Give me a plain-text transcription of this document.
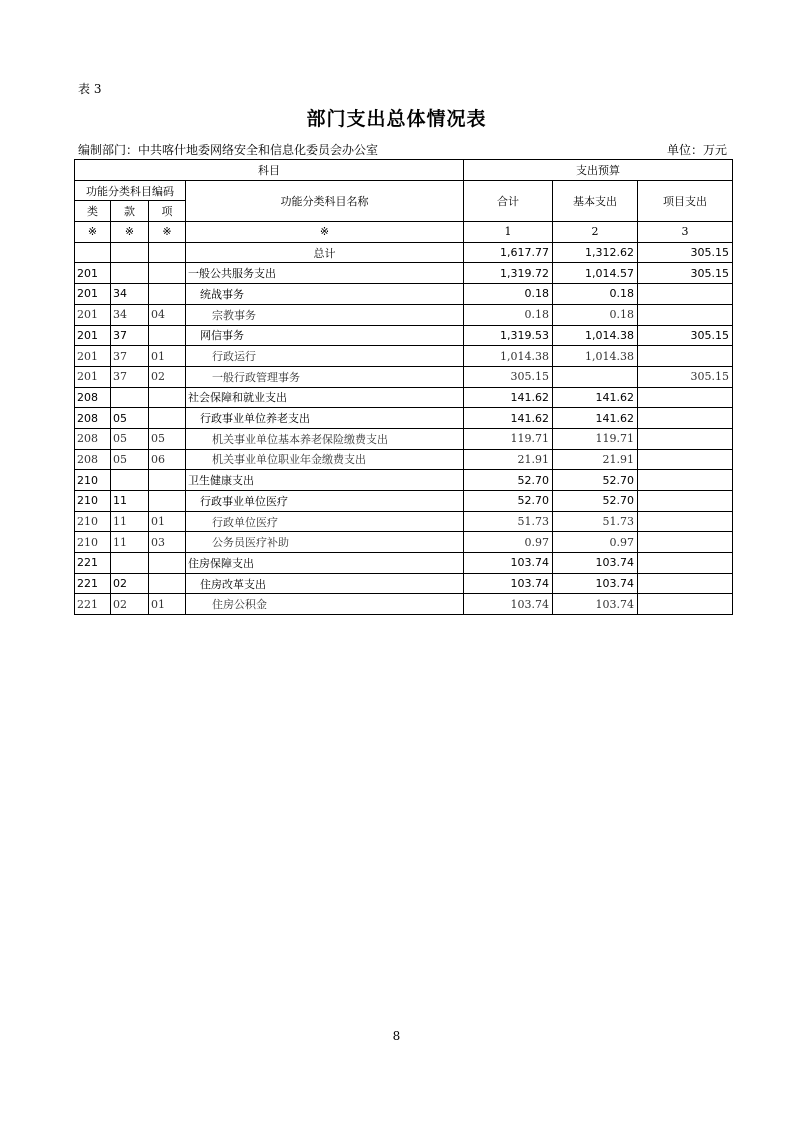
表 3
部门支出总体情况表
编制部门：中共喀什地委网络安全和信息化委员会办公室	单位：万元
科目				支出预算		
功能分类科目编码			功能分类科目名称	合计	基本支出	项目支出
类	款	项				
※	※	※	※	1	2	3
			总计	1,617.77	1,312.62	305.15
201			一般公共服务支出	1,319.72	1,014.57	305.15
201	34		统战事务	0.18	0.18	
201	34	04	宗教事务	0.18	0.18	
201	37		网信事务	1,319.53	1,014.38	305.15
201	37	01	行政运行	1,014.38	1,014.38	
201	37	02	一般行政管理事务	305.15		305.15
208			社会保障和就业支出	141.62	141.62	
208	05		行政事业单位养老支出	141.62	141.62	
208	05	05	机关事业单位基本养老保险缴费支出	119.71	119.71	
208	05	06	机关事业单位职业年金缴费支出	21.91	21.91	
210			卫生健康支出	52.70	52.70	
210	11		行政事业单位医疗	52.70	52.70	
210	11	01	行政单位医疗	51.73	51.73	
210	11	03	公务员医疗补助	0.97	0.97	
221			住房保障支出	103.74	103.74	
221	02		住房改革支出	103.74	103.74	
221	02	01	住房公积金	103.74	103.74	
8
